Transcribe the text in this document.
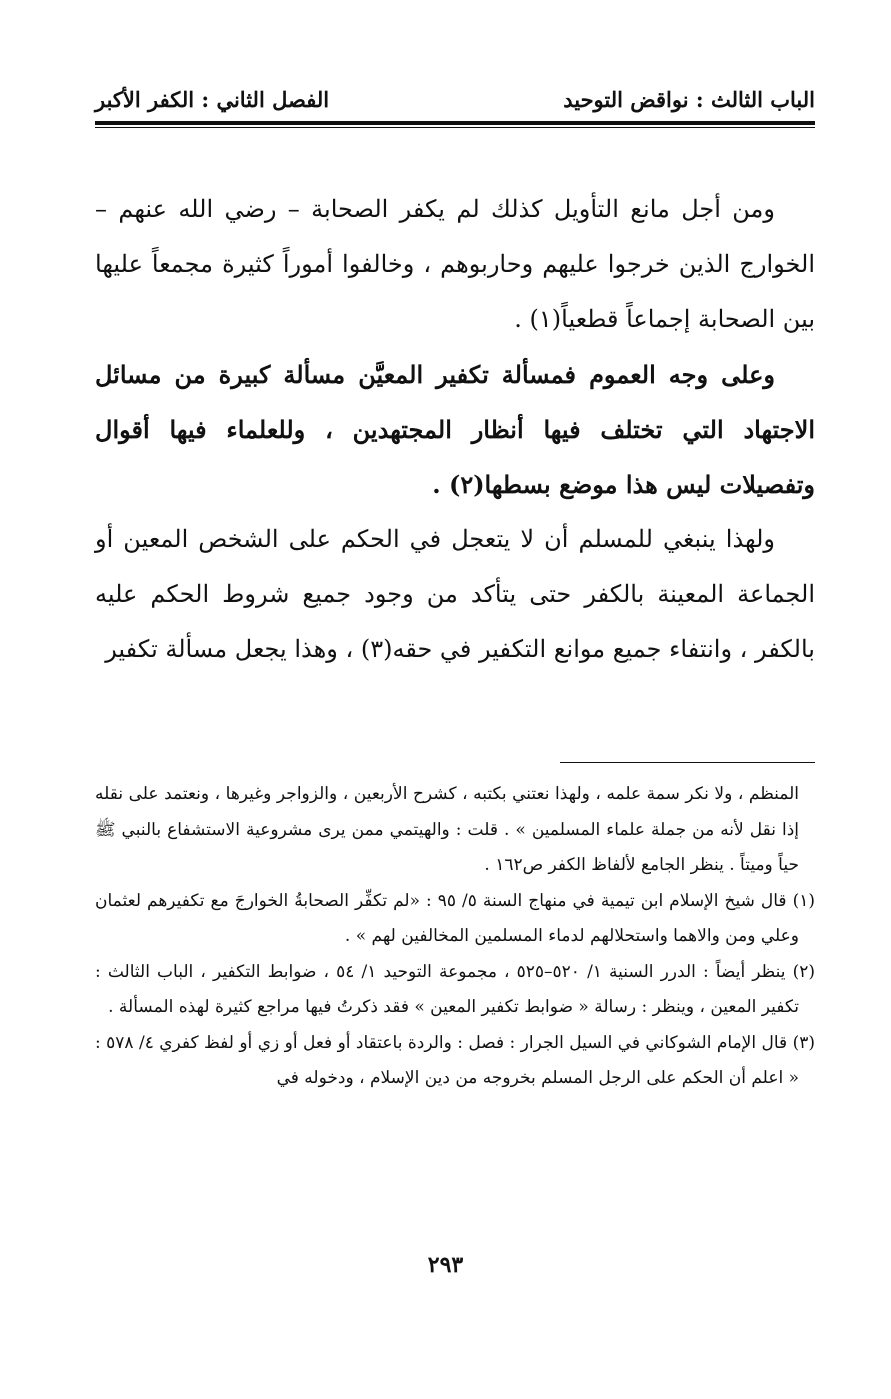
الباب الثالث : نواقض التوحيد
الفصل الثاني : الكفر الأكبر

ومن أجل مانع التأويل كذلك لم يكفر الصحابة – رضي الله عنهم – الخوارج الذين خرجوا عليهم وحاربوهم ، وخالفوا أموراً كثيرة مجمعاً عليها بين الصحابة إجماعاً قطعياً(١) .

وعلى وجه العموم فمسألة تكفير المعيَّن مسألة كبيرة من مسائل الاجتهاد التي تختلف فيها أنظار المجتهدين ، وللعلماء فيها أقوال وتفصيلات ليس هذا موضع بسطها(٢) .

ولهذا ينبغي للمسلم أن لا يتعجل في الحكم على الشخص المعين أو الجماعة المعينة بالكفر حتى يتأكد من وجود جميع شروط الحكم عليه بالكفر ، وانتفاء جميع موانع التكفير في حقه(٣) ، وهذا يجعل مسألة تكفير

المنظم ، ولا نكر سمة علمه ، ولهذا نعتني بكتبه ، كشرح الأربعين ، والزواجر وغيرها ، ونعتمد على نقله إذا نقل لأنه من جملة علماء المسلمين » . قلت : والهيتمي ممن يرى مشروعية الاستشفاع بالنبي ﷺ حياً وميتاً . ينظر الجامع لألفاظ الكفر ص١٦٢ .

(١) قال شيخ الإسلام ابن تيمية في منهاج السنة ٥/ ٩٥ : «لم تكفِّر الصحابةُ الخوارجَ مع تكفيرهم لعثمان وعلي ومن والاهما واستحلالهم لدماء المسلمين المخالفين لهم » .

(٢) ينظر أيضاً : الدرر السنية ١/ ٥٢٠–٥٢٥ ، مجموعة التوحيد ١/ ٥٤ ، ضوابط التكفير ، الباب الثالث : تكفير المعين ، وينظر : رسالة « ضوابط تكفير المعين » فقد ذكرتُ فيها مراجع كثيرة لهذه المسألة .

(٣) قال الإمام الشوكاني في السيل الجرار : فصل : والردة باعتقاد أو فعل أو زي أو لفظ كفري ٤/ ٥٧٨ : « اعلم أن الحكم على الرجل المسلم بخروجه من دين الإسلام ، ودخوله في

٢٩٣
